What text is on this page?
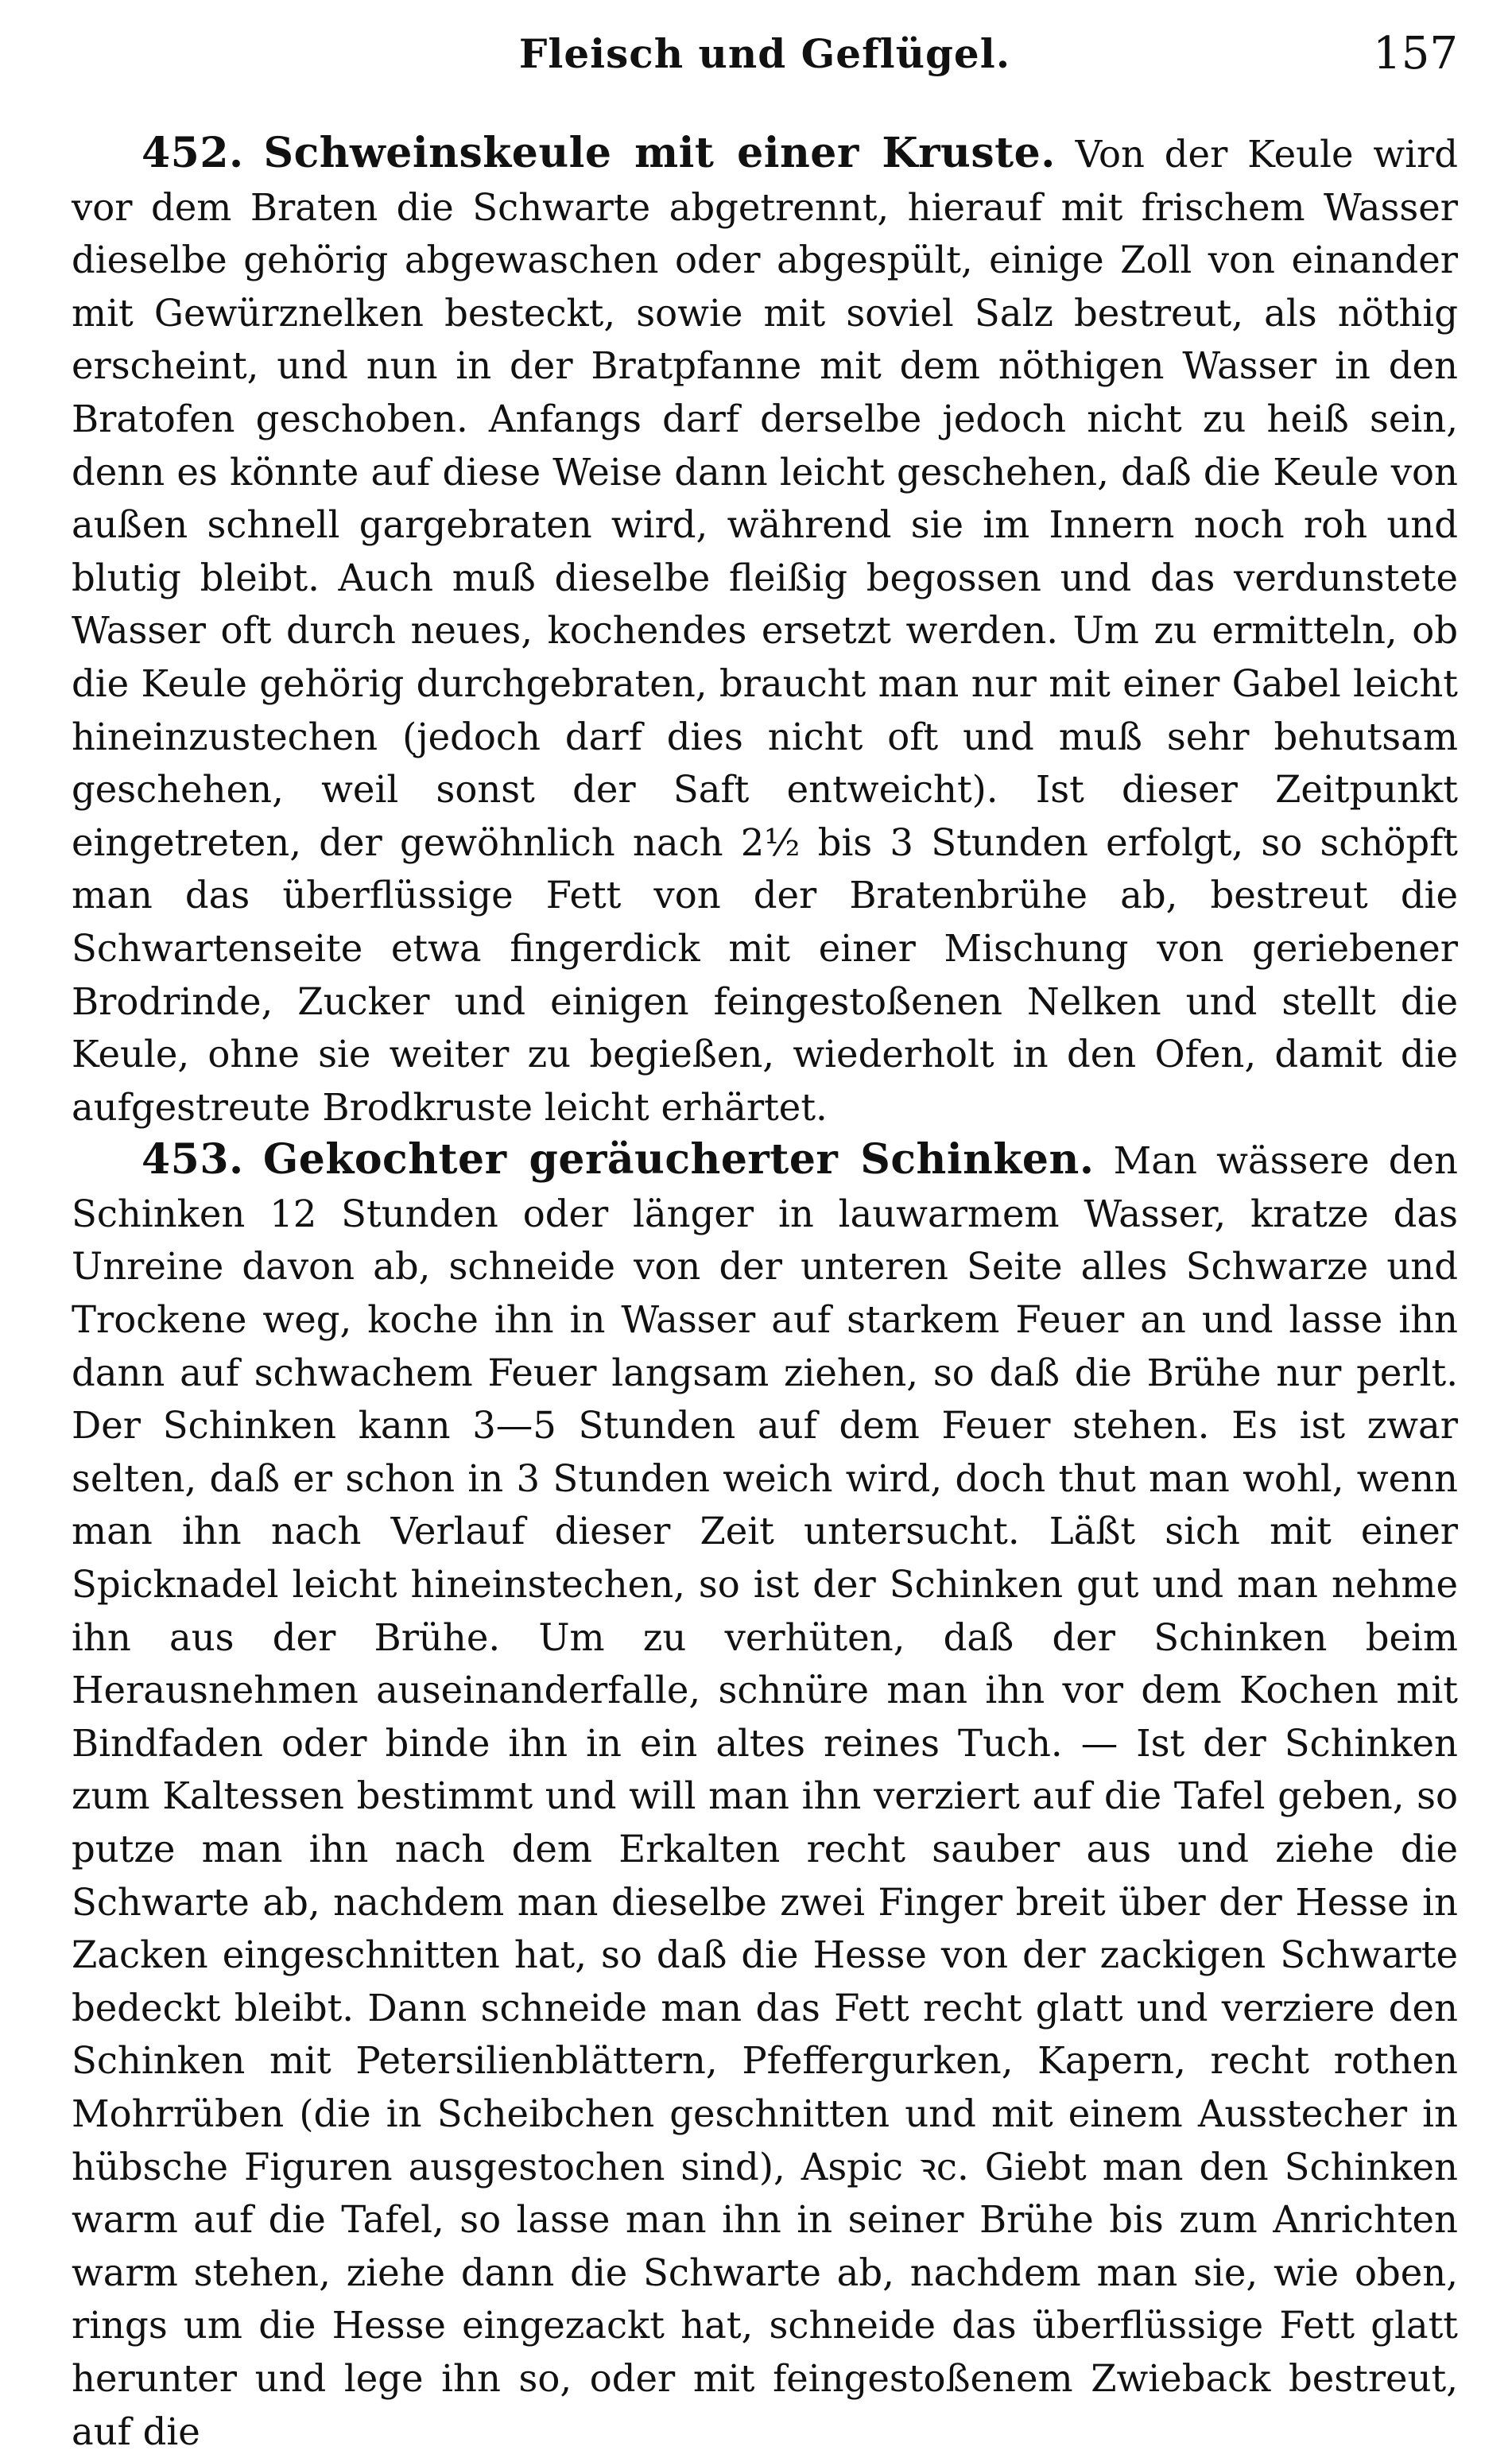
Fleisch und Geflügel.	157

452. Schweinskeule mit einer Kruste. Von der Keule wird vor dem Braten die Schwarte abgetrennt, hierauf mit frischem Wasser dieselbe gehörig abgewaschen oder abgespült, einige Zoll von einander mit Gewürznelken besteckt, sowie mit soviel Salz bestreut, als nöthig erscheint, und nun in der Bratpfanne mit dem nöthigen Wasser in den Bratofen geschoben. Anfangs darf derselbe jedoch nicht zu heiß sein, denn es könnte auf diese Weise dann leicht geschehen, daß die Keule von außen schnell gargebraten wird, während sie im Innern noch roh und blutig bleibt. Auch muß dieselbe fleißig begossen und das verdunstete Wasser oft durch neues, kochendes ersetzt werden. Um zu ermitteln, ob die Keule gehörig durchgebraten, braucht man nur mit einer Gabel leicht hineinzustechen (jedoch darf dies nicht oft und muß sehr behutsam geschehen, weil sonst der Saft entweicht). Ist dieser Zeitpunkt eingetreten, der gewöhnlich nach 2½ bis 3 Stunden erfolgt, so schöpft man das überflüssige Fett von der Bratenbrühe ab, bestreut die Schwartenseite etwa fingerdick mit einer Mischung von geriebener Brodrinde, Zucker und einigen feingestoßenen Nelken und stellt die Keule, ohne sie weiter zu begießen, wiederholt in den Ofen, damit die aufgestreute Brodkruste leicht erhärtet.

453. Gekochter geräucherter Schinken. Man wässere den Schinken 12 Stunden oder länger in lauwarmem Wasser, kratze das Unreine davon ab, schneide von der unteren Seite alles Schwarze und Trockene weg, koche ihn in Wasser auf starkem Feuer an und lasse ihn dann auf schwachem Feuer langsam ziehen, so daß die Brühe nur perlt. Der Schinken kann 3—5 Stunden auf dem Feuer stehen. Es ist zwar selten, daß er schon in 3 Stunden weich wird, doch thut man wohl, wenn man ihn nach Verlauf dieser Zeit untersucht. Läßt sich mit einer Spicknadel leicht hineinstechen, so ist der Schinken gut und man nehme ihn aus der Brühe. Um zu verhüten, daß der Schinken beim Herausnehmen auseinanderfalle, schnüre man ihn vor dem Kochen mit Bindfaden oder binde ihn in ein altes reines Tuch. — Ist der Schinken zum Kaltessen bestimmt und will man ihn verziert auf die Tafel geben, so putze man ihn nach dem Erkalten recht sauber aus und ziehe die Schwarte ab, nachdem man dieselbe zwei Finger breit über der Hesse in Zacken eingeschnitten hat, so daß die Hesse von der zackigen Schwarte bedeckt bleibt. Dann schneide man das Fett recht glatt und verziere den Schinken mit Petersilienblättern, Pfeffergurken, Kapern, recht rothen Mohrrüben (die in Scheibchen geschnitten und mit einem Ausstecher in hübsche Figuren ausgestochen sind), Aspic ꝛc. Giebt man den Schinken warm auf die Tafel, so lasse man ihn in seiner Brühe bis zum Anrichten warm stehen, ziehe dann die Schwarte ab, nachdem man sie, wie oben, rings um die Hesse eingezackt hat, schneide das überflüssige Fett glatt herunter und lege ihn so, oder mit feingestoßenem Zwieback bestreut, auf die
